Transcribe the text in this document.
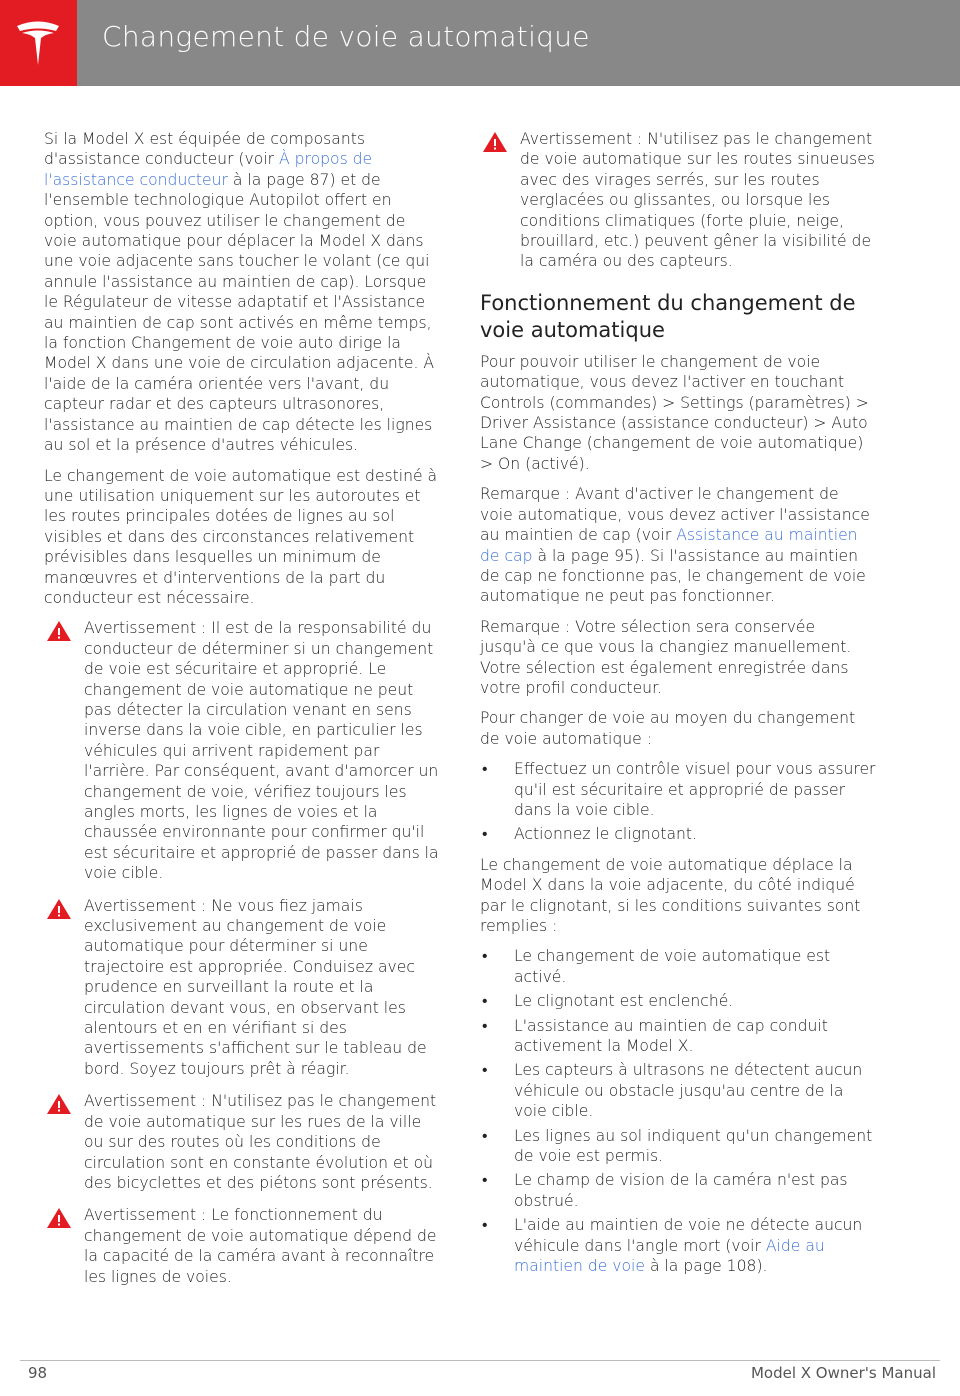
Changement de voie automatique

Si la Model X est équipée de composants d'assistance conducteur (voir À propos de l'assistance conducteur à la page 87) et de l'ensemble technologique Autopilot offert en option, vous pouvez utiliser le changement de voie automatique pour déplacer la Model X dans une voie adjacente sans toucher le volant (ce qui annule l'assistance au maintien de cap). Lorsque le Régulateur de vitesse adaptatif et l'Assistance au maintien de cap sont activés en même temps, la fonction Changement de voie auto dirige la Model X dans une voie de circulation adjacente. À l'aide de la caméra orientée vers l'avant, du capteur radar et des capteurs ultrasonores, l'assistance au maintien de cap détecte les lignes au sol et la présence d'autres véhicules.

Le changement de voie automatique est destiné à une utilisation uniquement sur les autoroutes et les routes principales dotées de lignes au sol visibles et dans des circonstances relativement prévisibles dans lesquelles un minimum de manœuvres et d'interventions de la part du conducteur est nécessaire.

Avertissement : Il est de la responsabilité du conducteur de déterminer si un changement de voie est sécuritaire et approprié. Le changement de voie automatique ne peut pas détecter la circulation venant en sens inverse dans la voie cible, en particulier les véhicules qui arrivent rapidement par l'arrière. Par conséquent, avant d'amorcer un changement de voie, vérifiez toujours les angles morts, les lignes de voies et la chaussée environnante pour confirmer qu'il est sécuritaire et approprié de passer dans la voie cible.
Avertissement : Ne vous fiez jamais exclusivement au changement de voie automatique pour déterminer si une trajectoire est appropriée. Conduisez avec prudence en surveillant la route et la circulation devant vous, en observant les alentours et en en vérifiant si des avertissements s'affichent sur le tableau de bord. Soyez toujours prêt à réagir.
Avertissement : N'utilisez pas le changement de voie automatique sur les rues de la ville ou sur des routes où les conditions de circulation sont en constante évolution et où des bicyclettes et des piétons sont présents.
Avertissement : Le fonctionnement du changement de voie automatique dépend de la capacité de la caméra avant à reconnaître les lignes de voies.
Avertissement : N'utilisez pas le changement de voie automatique sur les routes sinueuses avec des virages serrés, sur les routes verglacées ou glissantes, ou lorsque les conditions climatiques (forte pluie, neige, brouillard, etc.) peuvent gêner la visibilité de la caméra ou des capteurs.
Fonctionnement du changement de voie automatique

Pour pouvoir utiliser le changement de voie automatique, vous devez l'activer en touchant Controls (commandes) > Settings (paramètres) > Driver Assistance (assistance conducteur) > Auto Lane Change (changement de voie automatique) > On (activé).

Remarque : Avant d'activer le changement de voie automatique, vous devez activer l'assistance au maintien de cap (voir Assistance au maintien de cap à la page 95). Si l'assistance au maintien de cap ne fonctionne pas, le changement de voie automatique ne peut pas fonctionner.

Remarque : Votre sélection sera conservée jusqu'à ce que vous la changiez manuellement. Votre sélection est également enregistrée dans votre profil conducteur.

Pour changer de voie au moyen du changement de voie automatique :

• Effectuez un contrôle visuel pour vous assurer qu'il est sécuritaire et approprié de passer dans la voie cible.
• Actionnez le clignotant.

Le changement de voie automatique déplace la Model X dans la voie adjacente, du côté indiqué par le clignotant, si les conditions suivantes sont remplies :

• Le changement de voie automatique est activé.
• Le clignotant est enclenché.
• L'assistance au maintien de cap conduit activement la Model X.
• Les capteurs à ultrasons ne détectent aucun véhicule ou obstacle jusqu'au centre de la voie cible.
• Les lignes au sol indiquent qu'un changement de voie est permis.
• Le champ de vision de la caméra n'est pas obstrué.
• L'aide au maintien de voie ne détecte aucun véhicule dans l'angle mort (voir Aide au maintien de voie à la page 108).
98	Model X Owner's Manual
